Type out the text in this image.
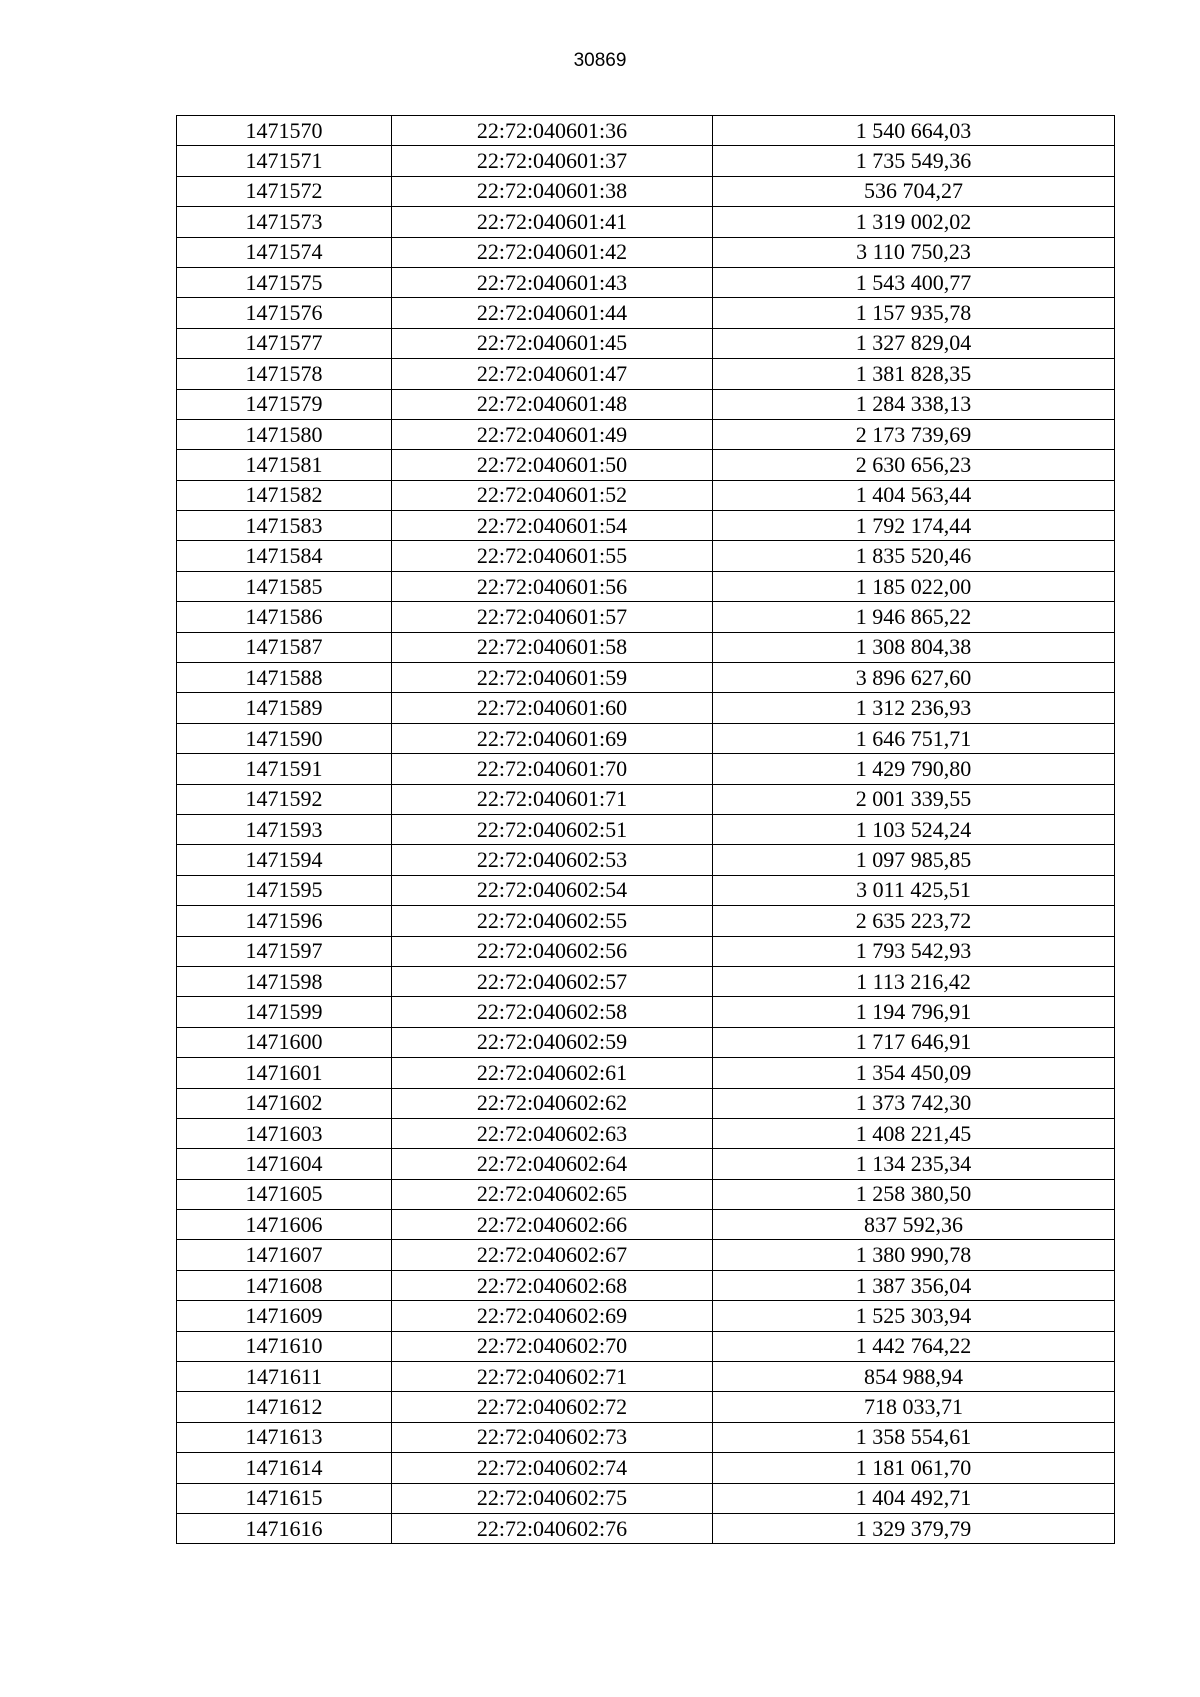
30869
1471570	22:72:040601:36	1 540 664,03
1471571	22:72:040601:37	1 735 549,36
1471572	22:72:040601:38	536 704,27
1471573	22:72:040601:41	1 319 002,02
1471574	22:72:040601:42	3 110 750,23
1471575	22:72:040601:43	1 543 400,77
1471576	22:72:040601:44	1 157 935,78
1471577	22:72:040601:45	1 327 829,04
1471578	22:72:040601:47	1 381 828,35
1471579	22:72:040601:48	1 284 338,13
1471580	22:72:040601:49	2 173 739,69
1471581	22:72:040601:50	2 630 656,23
1471582	22:72:040601:52	1 404 563,44
1471583	22:72:040601:54	1 792 174,44
1471584	22:72:040601:55	1 835 520,46
1471585	22:72:040601:56	1 185 022,00
1471586	22:72:040601:57	1 946 865,22
1471587	22:72:040601:58	1 308 804,38
1471588	22:72:040601:59	3 896 627,60
1471589	22:72:040601:60	1 312 236,93
1471590	22:72:040601:69	1 646 751,71
1471591	22:72:040601:70	1 429 790,80
1471592	22:72:040601:71	2 001 339,55
1471593	22:72:040602:51	1 103 524,24
1471594	22:72:040602:53	1 097 985,85
1471595	22:72:040602:54	3 011 425,51
1471596	22:72:040602:55	2 635 223,72
1471597	22:72:040602:56	1 793 542,93
1471598	22:72:040602:57	1 113 216,42
1471599	22:72:040602:58	1 194 796,91
1471600	22:72:040602:59	1 717 646,91
1471601	22:72:040602:61	1 354 450,09
1471602	22:72:040602:62	1 373 742,30
1471603	22:72:040602:63	1 408 221,45
1471604	22:72:040602:64	1 134 235,34
1471605	22:72:040602:65	1 258 380,50
1471606	22:72:040602:66	837 592,36
1471607	22:72:040602:67	1 380 990,78
1471608	22:72:040602:68	1 387 356,04
1471609	22:72:040602:69	1 525 303,94
1471610	22:72:040602:70	1 442 764,22
1471611	22:72:040602:71	854 988,94
1471612	22:72:040602:72	718 033,71
1471613	22:72:040602:73	1 358 554,61
1471614	22:72:040602:74	1 181 061,70
1471615	22:72:040602:75	1 404 492,71
1471616	22:72:040602:76	1 329 379,79
